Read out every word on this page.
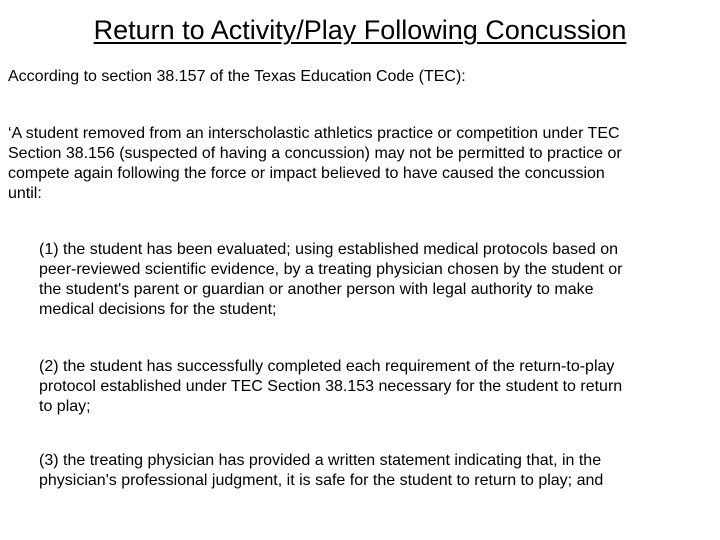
Return to Activity/Play Following Concussion
According to section 38.157 of the Texas Education Code (TEC):
‘A student removed from an interscholastic athletics practice or competition under TEC
Section 38.156 (suspected of having a concussion) may not be permitted to practice or
compete again following the force or impact believed to have caused the concussion
until:
(1) the student has been evaluated; using established medical protocols based on
peer-reviewed scientific evidence, by a treating physician chosen by the student or
the student's parent or guardian or another person with legal authority to make
medical decisions for the student;
(2) the student has successfully completed each requirement of the return-to-play
protocol established under TEC Section 38.153 necessary for the student to return
to play;
(3) the treating physician has provided a written statement indicating that, in the
physician's professional judgment, it is safe for the student to return to play; and
